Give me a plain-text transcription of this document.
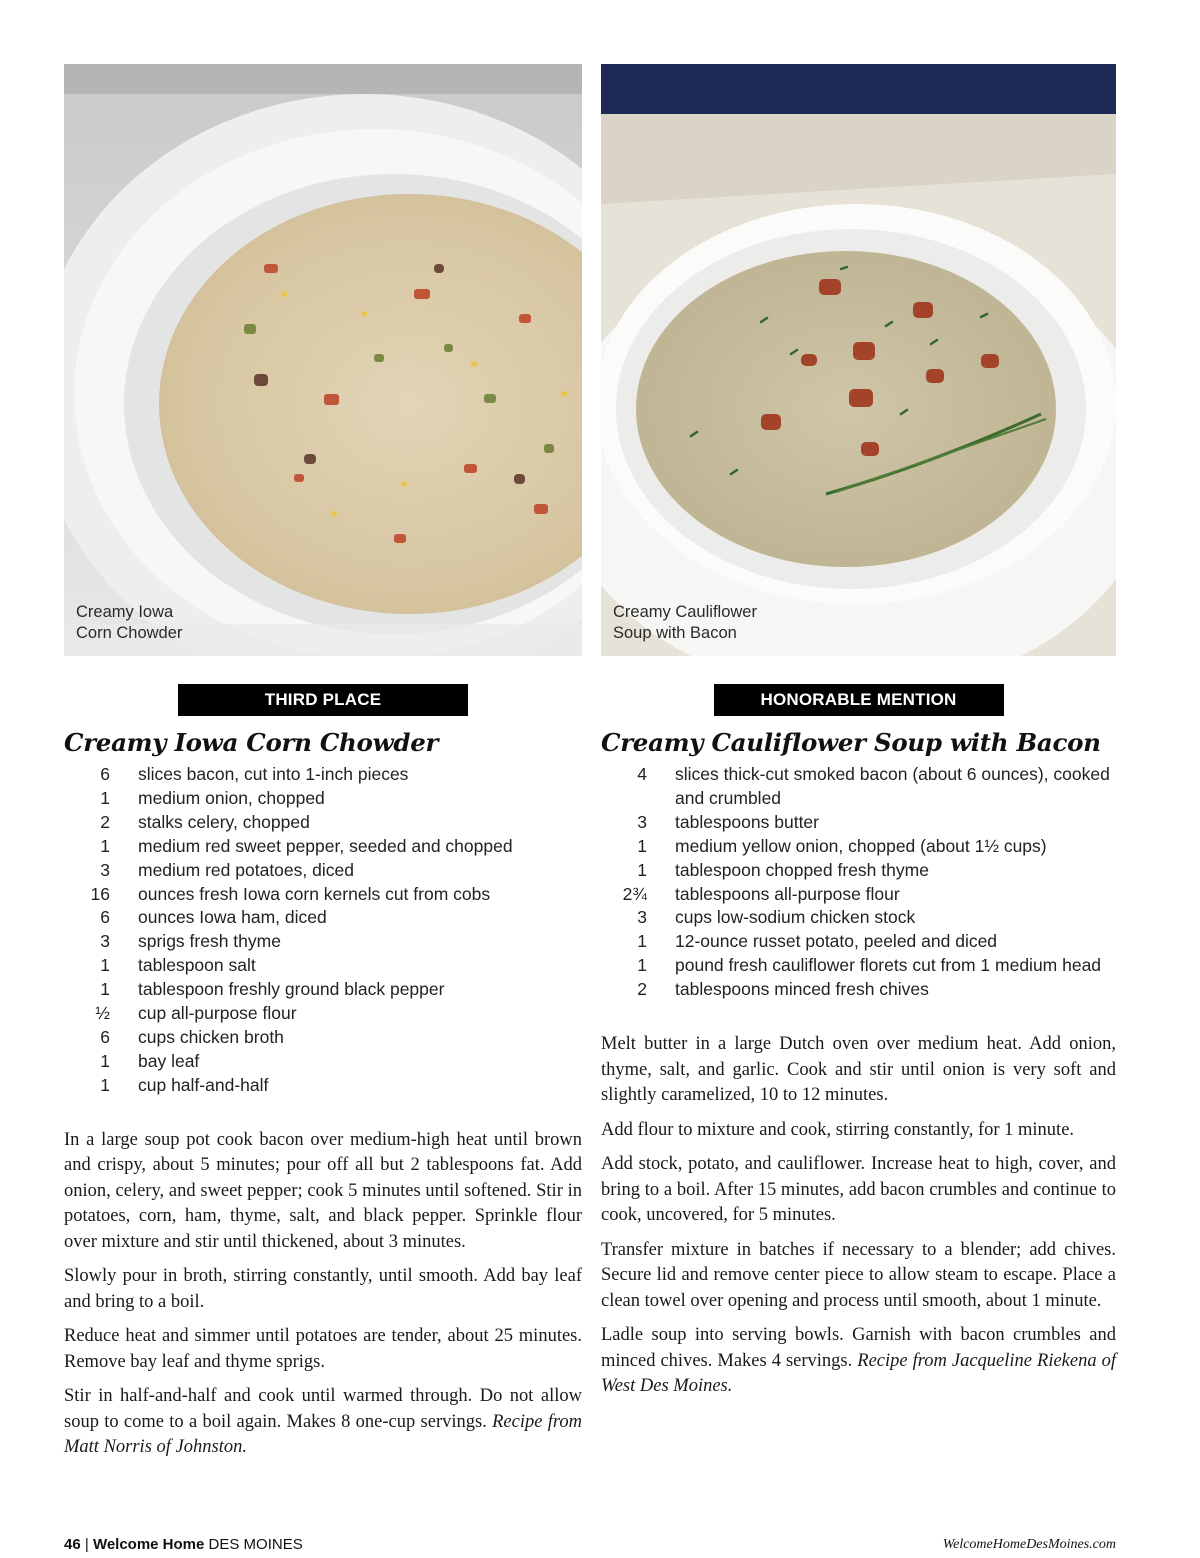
Creamy Iowa
Corn Chowder
THIRD PLACE
Creamy Iowa Corn Chowder
6	slices bacon, cut into 1-inch pieces
1	medium onion, chopped
2	stalks celery, chopped
1	medium red sweet pepper, seeded and chopped
3	medium red potatoes, diced
16	ounces fresh Iowa corn kernels cut from cobs
6	ounces Iowa ham, diced
3	sprigs fresh thyme
1	tablespoon salt
1	tablespoon freshly ground black pepper
½	cup all-purpose flour
6	cups chicken broth
1	bay leaf
1	cup half-and-half

In a large soup pot cook bacon over medium-high heat until brown and crispy, about 5 minutes; pour off all but 2 tablespoons fat. Add onion, celery, and sweet pepper; cook 5 minutes until softened. Stir in potatoes, corn, ham, thyme, salt, and black pepper. Sprinkle flour over mixture and stir until thickened, about 3 minutes.

Slowly pour in broth, stirring constantly, until smooth. Add bay leaf and bring to a boil.

Reduce heat and simmer until potatoes are tender, about 25 minutes. Remove bay leaf and thyme sprigs.

Stir in half-and-half and cook until warmed through. Do not allow soup to come to a boil again. Makes 8 one-cup servings. Recipe from Matt Norris of Johnston.

Creamy Cauliflower
Soup with Bacon
HONORABLE MENTION
Creamy Cauliflower Soup with Bacon
4	slices thick-cut smoked bacon (about 6 ounces), cooked and crumbled
3	tablespoons butter
1	medium yellow onion, chopped (about 1½ cups)
1	tablespoon chopped fresh thyme
2¾	tablespoons all-purpose flour
3	cups low-sodium chicken stock
1	12-ounce russet potato, peeled and diced
1	pound fresh cauliflower florets cut from 1 medium head
2	tablespoons minced fresh chives

Melt butter in a large Dutch oven over medium heat. Add onion, thyme, salt, and garlic. Cook and stir until onion is very soft and slightly caramelized, 10 to 12 minutes.

Add flour to mixture and cook, stirring constantly, for 1 minute.

Add stock, potato, and cauliflower. Increase heat to high, cover, and bring to a boil. After 15 minutes, add bacon crumbles and continue to cook, uncovered, for 5 minutes.

Transfer mixture in batches if necessary to a blender; add chives. Secure lid and remove center piece to allow steam to escape. Place a clean towel over opening and process until smooth, about 1 minute.

Ladle soup into serving bowls. Garnish with bacon crumbles and minced chives. Makes 4 servings. Recipe from Jacqueline Riekena of West Des Moines.

46 | Welcome Home DES MOINES	WelcomeHomeDesMoines.com
